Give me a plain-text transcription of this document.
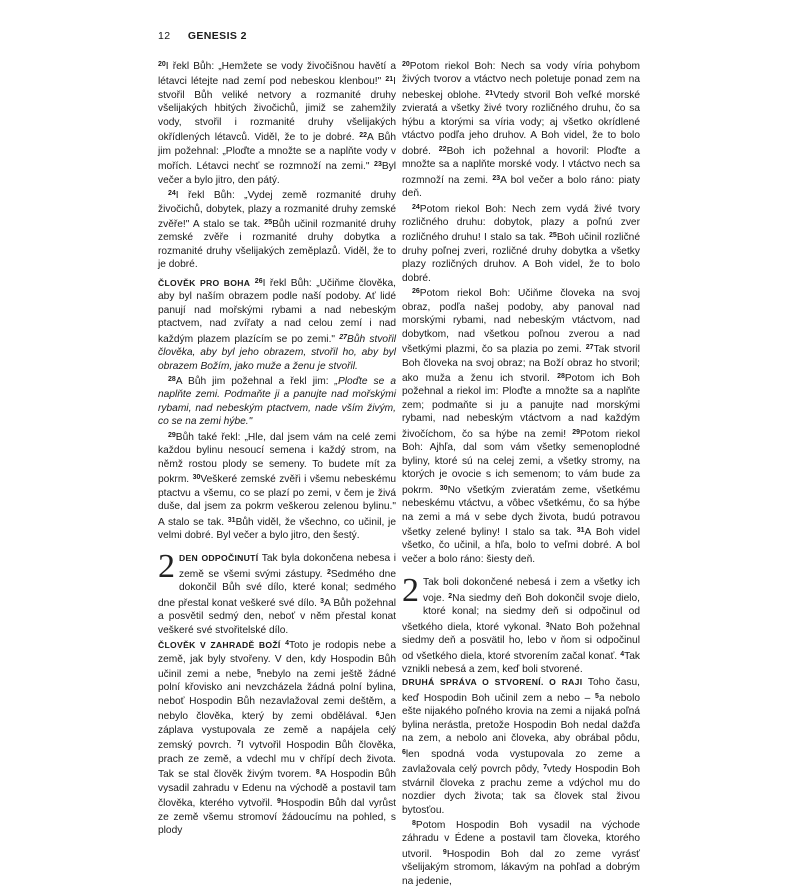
12 GENESIS 2

$^{20}$I řekl Bůh: „Hemžete se vody živočišnou havětí a létavci létejte nad zemí pod nebeskou klenbou!" $^{21}$I stvořil Bůh veliké netvory a rozmanité druhy všelijakých hbitých živočichů, jimiž se zahemžily vody, stvořil i rozmanité druhy všelijakých okřídlených létavců. Viděl, že to je dobré. $^{22}$A Bůh jim požehnal: „Ploďte a množte se a naplňte vody v mořích. Létavci nechť se rozmnoží na zemi." $^{23}$Byl večer a bylo jitro, den pátý.

$^{24}$I řekl Bůh: „Vydej země rozmanité druhy živočichů, dobytek, plazy a rozmanité druhy zemské zvěře!" A stalo se tak. $^{25}$Bůh učinil rozmanité druhy zemské zvěře i rozmanité druhy dobytka a rozmanité druhy všelijakých zeměplazů. Viděl, že to je dobré.

ČLOVĚK PRO BOHA $^{26}$I řekl Bůh: „Učiňme člověka, aby byl naším obrazem podle naší podoby. Ať lidé panují nad mořskými rybami a nad nebeským ptactvem, nad zvířaty a nad celou zemí i nad každým plazem plazícím se po zemi." $^{27}$Bůh stvořil člověka, aby byl jeho obrazem, stvořil ho, aby byl obrazem Božím, jako muže a ženu je stvořil.

$^{28}$A Bůh jim požehnal a řekl jim: „Ploďte se a naplňte zemi. Podmaňte ji a panujte nad mořskými rybami, nad nebeským ptactvem, nade vším živým, co se na zemi hýbe."

$^{29}$Bůh také řekl: „Hle, dal jsem vám na celé zemi každou bylinu nesoucí semena i každý strom, na němž rostou plody se semeny. To budete mít za pokrm. $^{30}$Veškeré zemské zvěři i všemu nebeskému ptactvu a všemu, co se plazí po zemi, v čem je živá duše, dal jsem za pokrm veškerou zelenou bylinu." A stalo se tak. $^{31}$Bůh viděl, že všechno, co učinil, je velmi dobré. Byl večer a bylo jitro, den šestý.

2 DEN ODPOČINUTÍ Tak byla dokončena nebesa i země se všemi svými zástupy. $^2$Sedmého dne dokončil Bůh své dílo, které konal; sedmého dne přestal konat veškeré své dílo. $^3$A Bůh požehnal a posvětil sedmý den, neboť v něm přestal konat veškeré své stvořitelské dílo.

ČLOVĚK V ZAHRADĚ BOŽÍ $^4$Toto je rodopis nebe a země, jak byly stvořeny. V den, kdy Hospodin Bůh učinil zemi a nebe, $^5$nebylo na zemi ještě žádné polní křovisko ani nevzcházela žádná polní bylina, neboť Hospodin Bůh nezavlažoval zemi deštěm, a nebylo člověka, který by zemi obdělával. $^6$Jen záplava vystupovala ze země a napájela celý zemský povrch. $^7$I vytvořil Hospodin Bůh člověka, prach ze země, a vdechl mu v chřípí dech života. Tak se stal člověk živým tvorem. $^8$A Hospodin Bůh vysadil zahradu v Edenu na východě a postavil tam člověka, kterého vytvořil. $^9$Hospodin Bůh dal vyrůst ze země všemu stromoví žádoucímu na pohled, s plody

$^{20}$Potom riekol Boh: Nech sa vody víria pohybom živých tvorov a vtáctvo nech poletuje ponad zem na nebeskej oblohe. $^{21}$Vtedy stvoril Boh veľké morské zvieratá a všetky živé tvory rozličného druhu, čo sa hýbu a ktorými sa víria vody; aj všetko okrídlené vtáctvo podľa jeho druhov. A Boh videl, že to bolo dobré. $^{22}$Boh ich požehnal a hovoril: Ploďte a množte sa a naplňte morské vody. I vtáctvo nech sa rozmnoží na zemi. $^{23}$A bol večer a bolo ráno: piaty deň.

$^{24}$Potom riekol Boh: Nech zem vydá živé tvory rozličného druhu: dobytok, plazy a poľnú zver rozličného druhu! I stalo sa tak. $^{25}$Boh učinil rozličné druhy poľnej zveri, rozličné druhy dobytka a všetky plazy rozličných druhov. A Boh videl, že to bolo dobré.

$^{26}$Potom riekol Boh: Učiňme človeka na svoj obraz, podľa našej podoby, aby panoval nad morskými rybami, nad nebeským vtáctvom, nad dobytkom, nad všetkou poľnou zverou a nad všetkými plazmi, čo sa plazia po zemi. $^{27}$Tak stvoril Boh človeka na svoj obraz; na Boží obraz ho stvoril; ako muža a ženu ich stvoril. $^{28}$Potom ich Boh požehnal a riekol im: Ploďte a množte sa a naplňte zem; podmaňte si ju a panujte nad morskými rybami, nad nebeským vtáctvom a nad každým živočíchom, čo sa hýbe na zemi! $^{29}$Potom riekol Boh: Ajhľa, dal som vám všetky semenoplodné byliny, ktoré sú na celej zemi, a všetky stromy, na ktorých je ovocie s ich semenom; to vám bude za pokrm. $^{30}$No všetkým zvieratám zeme, všetkému nebeskému vtáctvu, a vôbec všetkému, čo sa hýbe na zemi a má v sebe dych života, budú potravou všetky zelené byliny! I stalo sa tak. $^{31}$A Boh videl všetko, čo učinil, a hľa, bolo to veľmi dobré. A bol večer a bolo ráno: šiesty deň.

2 Tak boli dokončené nebesá i zem a všetky ich voje. $^2$Na siedmy deň Boh dokončil svoje dielo, ktoré konal; na siedmy deň si odpočinul od všetkého diela, ktoré vykonal. $^3$Nato Boh požehnal siedmy deň a posvätil ho, lebo v ňom si odpočinul od všetkého diela, ktoré stvorením začal konať. $^4$Tak vznikli nebesá a zem, keď boli stvorené.

DRUHÁ SPRÁVA O STVORENÍ. O RAJI Toho času, keď Hospodin Boh učinil zem a nebo – $^5$a nebolo ešte nijakého poľného krovia na zemi a nijaká poľná bylina nerástla, pretože Hospodin Boh nedal dažďa na zem, a nebolo ani človeka, aby obrábal pôdu, $^6$len spodná voda vystupovala zo zeme a zavlažovala celý povrch pôdy, $^7$vtedy Hospodin Boh stvárnil človeka z prachu zeme a vdýchol mu do nozdier dych života; tak sa človek stal živou bytosťou.

$^8$Potom Hospodin Boh vysadil na východe záhradu v Édene a postavil tam človeka, ktorého utvoril. $^9$Hospodin Boh dal zo zeme vyrásť všelijakým stromom, lákavým na pohľad a dobrým na jedenie,
